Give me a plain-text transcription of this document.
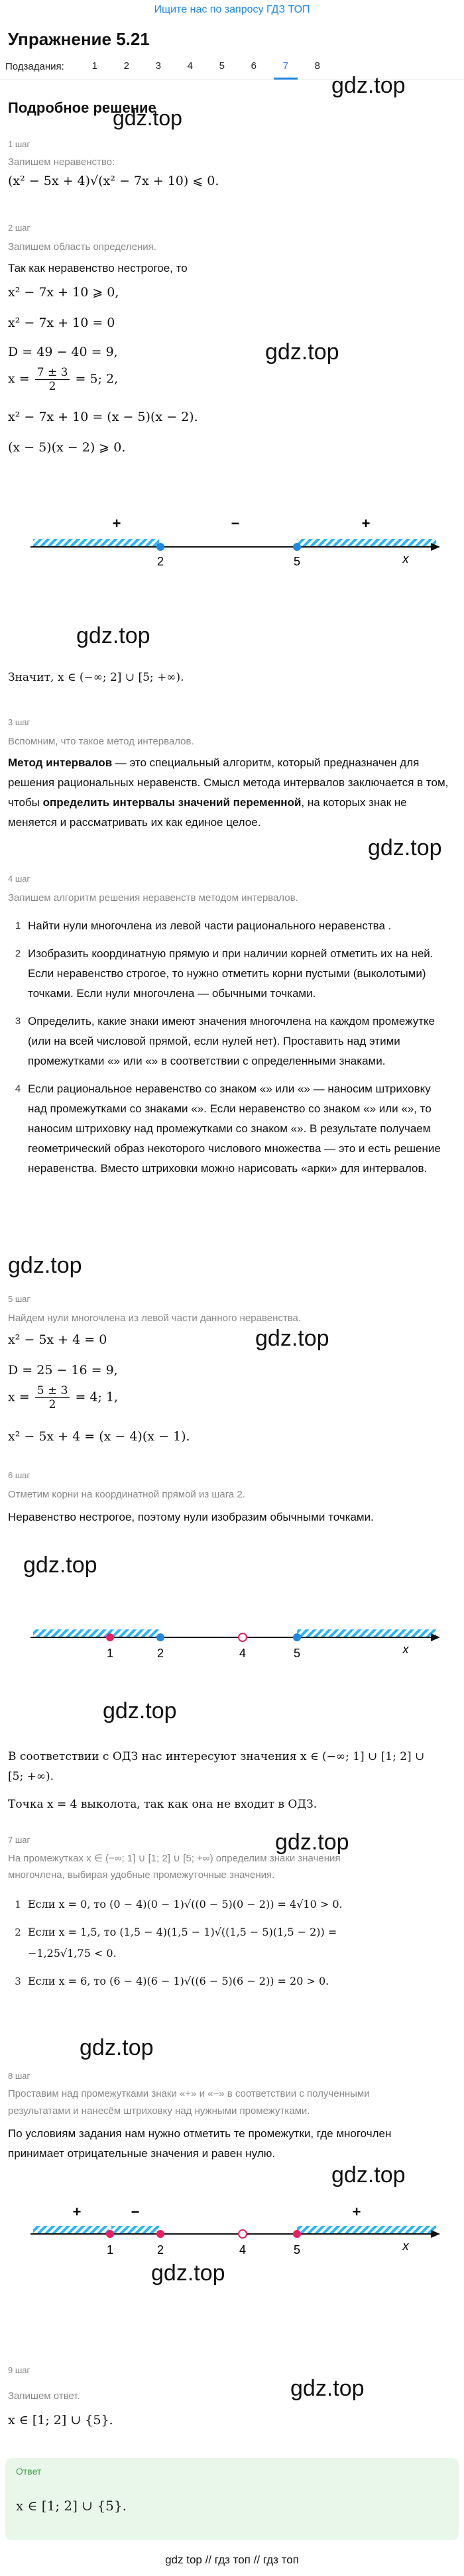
Ищите нас по запросу ГДЗ ТОП
Упражнение 5.21
Подзадания:	1	2	3	4	5	6	7	8
Подробное решение
gdz.top
gdz.top
1 шаг
Запишем неравенство:
(x² − 5x + 4)√(x² − 7x + 10) ⩽ 0.
2 шаг
Запишем область определения.
Так как неравенство нестрогое, то
x² − 7x + 10 ⩾ 0,
x² − 7x + 10 = 0
D = 49 − 40 = 9,	gdz.top
$x = \frac{7 \pm 3}{2} = 5$; 2,
x² − 7x + 10 = (x − 5)(x − 2).
(x − 5)(x − 2) ⩾ 0.
+	−	+
2	5	x
gdz.top
Значит, x ∈ (−∞; 2] ∪ [5; +∞).
3 шаг
Вспомним, что такое метод интервалов.
Метод интервалов — это специальный алгоритм, который предназначен для решения рациональных неравенств. Смысл метода интервалов заключается в том, чтобы определить интервалы значений переменной, на которых знак не меняется и рассматривать их как единое целое.
gdz.top
4 шаг
Запишем алгоритм решения неравенств методом интервалов.
1 Найти нули многочлена из левой части рационального неравенства .
2 Изобразить координатную прямую и при наличии корней отметить их на ней. Если неравенство строгое, то нужно отметить корни пустыми (выколотыми) точками. Если нули многочлена — обычными точками.
3 Определить, какие знаки имеют значения многочлена на каждом промежутке (или на всей числовой прямой, если нулей нет). Проставить над этими промежутками «» или «» в соответствии с определенными знаками.
4 Если рациональное неравенство со знаком «» или «» — наносим штриховку над промежутками со знаками «». Если неравенство со знаком «» или «», то наносим штриховку над промежутками со знаком «». В результате получаем геометрический образ некоторого числового множества — это и есть решение неравенства. Вместо штриховки можно нарисовать «арки» для интервалов.
gdz.top
5 шаг
Найдем нули многочлена из левой части данного неравенства.
gdz.top
x² − 5x + 4 = 0
D = 25 − 16 = 9,
$x = \frac{5 \pm 3}{2} = 4$; 1,
x² − 5x + 4 = (x − 4)(x − 1).
6 шаг
Отметим корни на координатной прямой из шага 2.
Неравенство нестрогое, поэтому нули изобразим обычными точками.
gdz.top
1	2	4	5	x
gdz.top
В соответствии с ОДЗ нас интересуют значения x ∈ (−∞; 1] ∪ [1; 2] ∪
[5; +∞).
Точка x = 4 выколота, так как она не входит в ОДЗ.
gdz.top
7 шаг
На промежутках x ∈ (−∞; 1] ∪ [1; 2] ∪ [5; +∞) определим знаки значения
многочлена, выбирая удобные промежуточные значения.
1 Если x = 0, то (0 − 4)(0 − 1)√((0 − 5)(0 − 2)) = 4√10 > 0.
2 Если x = 1,5, то (1,5 − 4)(1,5 − 1)√((1,5 − 5)(1,5 − 2)) =
−1,25√1,75 < 0.
3 Если x = 6, то (6 − 4)(6 − 1)√((6 − 5)(6 − 2)) = 20 > 0.
gdz.top
8 шаг
Проставим над промежутками знаки «+» и «−» в соответствии с полученными
результатами и нанесём штриховку над нужными промежутками.
По условиям задания нам нужно отметить те промежутки, где многочлен
принимает отрицательные значения и равен нулю.
gdz.top
+	−	+
1	2	4	5	x
gdz.top
9 шаг
gdz.top
Запишем ответ.
x ∈ [1; 2] ∪ {5}.
Ответ
x ∈ [1; 2] ∪ {5}.
gdz top // гдз топ // гдз топ
